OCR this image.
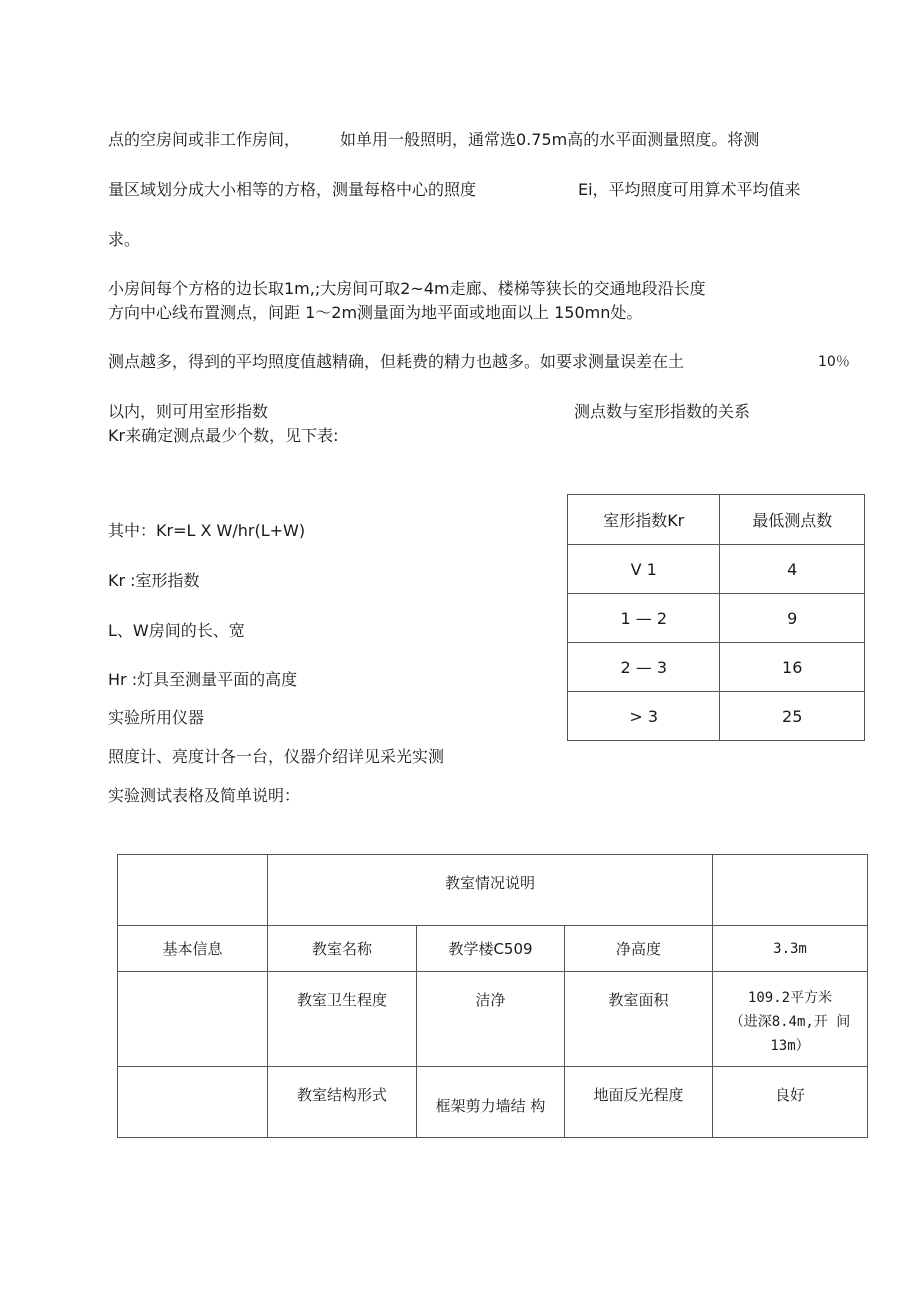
点的空房间或非工作房间， 如单用一般照明，通常选0.75m高的水平面测量照度。将测
量区域划分成大小相等的方格，测量每格中心的照度	Ei，平均照度可用算术平均值来
求。
小房间每个方格的边长取1m,;大房间可取2~4m走廊、楼梯等狭长的交通地段沿长度
方向中心线布置测点，间距 1～2m测量面为地平面或地面以上 150mn处。
测点越多，得到的平均照度值越精确，但耗费的精力也越多。如要求测量误差在土	10％
以内，则可用室形指数	测点数与室形指数的关系
Kr来确定测点最少个数，见下表:
其中：Kr=L X W/hr(L+W)
Kr :室形指数
L、W房间的长、宽
Hr :灯具至测量平面的高度
实验所用仪器
照度计、亮度计各一台，仪器介绍详见采光实测
实验测试表格及简单说明：
室形指数Kr	最低测点数
V 1	4
1 — 2	9
2 — 3	16
> 3	25
	教室情况说明			
基本信息	教室名称	教学楼C509	净高度	3.3m
	教室卫生程度	洁净	教室面积	109.2平方米
（进深8.4m,开 间
13m）

	教室结构形式	框架剪力墙结 构	地面反光程度	良好
